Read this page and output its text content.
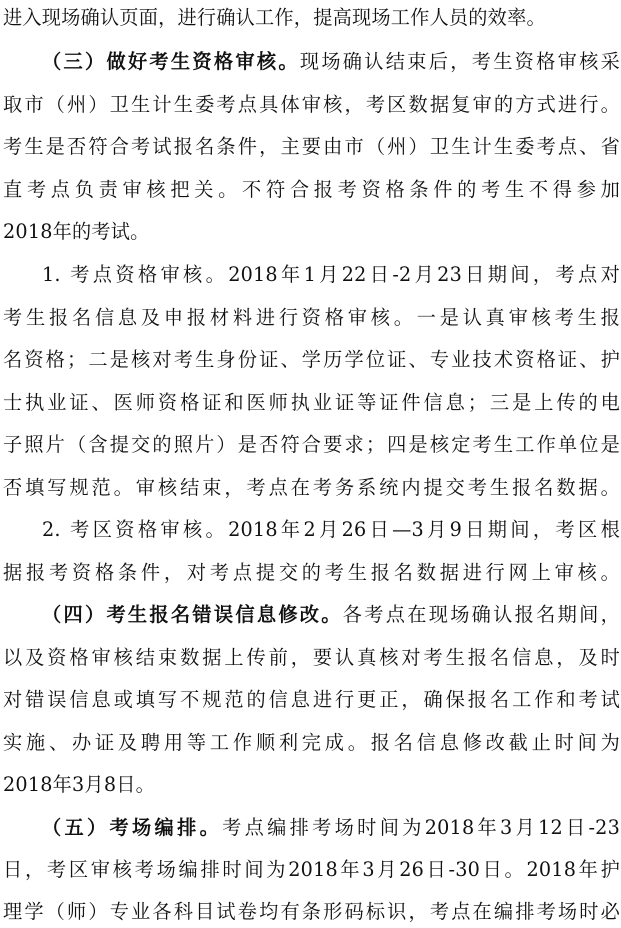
进入现场确认页面，进行确认工作，提高现场工作人员的效率。
（三）做好考生资格审核。现场确认结束后，考生资格审核采
取市（州）卫生计生委考点具体审核，考区数据复审的方式进行。
考生是否符合考试报名条件，主要由市（州）卫生计生委考点、省
直考点负责审核把关。不符合报考资格条件的考生不得参加
2018年的考试。
1. 考点资格审核。2018年1月22日-2月23日期间，考点对
考生报名信息及申报材料进行资格审核。一是认真审核考生报
名资格；二是核对考生身份证、学历学位证、专业技术资格证、护
士执业证、医师资格证和医师执业证等证件信息；三是上传的电
子照片（含提交的照片）是否符合要求；四是核定考生工作单位是
否填写规范。审核结束，考点在考务系统内提交考生报名数据。
2. 考区资格审核。2018年2月26日—3月9日期间，考区根
据报考资格条件，对考点提交的考生报名数据进行网上审核。
（四）考生报名错误信息修改。各考点在现场确认报名期间，
以及资格审核结束数据上传前，要认真核对考生报名信息，及时
对错误信息或填写不规范的信息进行更正，确保报名工作和考试
实施、办证及聘用等工作顺利完成。报名信息修改截止时间为
2018年3月8日。
（五）考场编排。考点编排考场时间为2018年3月12日-23
日，考区审核考场编排时间为2018年3月26日-30日。2018年护
理学（师）专业各科目试卷均有条形码标识，考点在编排考场时必
